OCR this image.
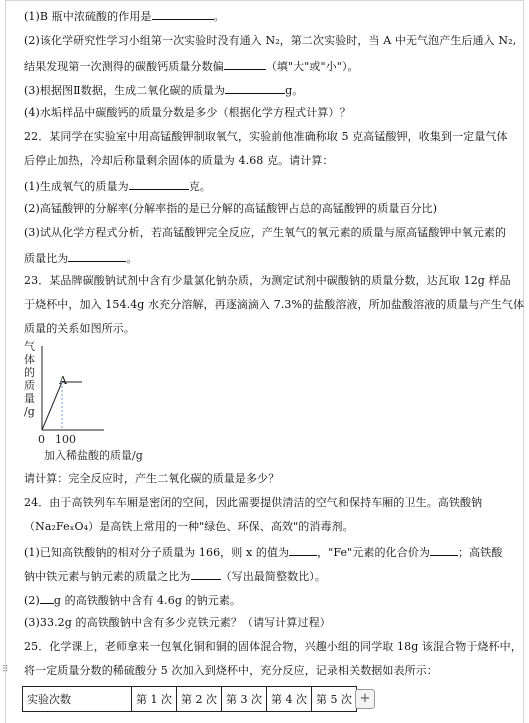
(1)B 瓶中浓硫酸的作用是	。
(2)该化学研究性学习小组第一次实验时没有通入 N₂，第二次实验时，当 A 中无气泡产生后通入 N₂,
结果发现第一次测得的碳酸钙质量分数偏	（填"大"或"小"）。
(3)根据图Ⅱ数据，生成二氧化碳的质量为	g。
(4)水垢样品中碳酸钙的质量分数是多少（根据化学方程式计算）？
22．某同学在实验室中用高锰酸钾制取氧气，实验前他准确称取 5 克高锰酸钾，收集到一定量气体
后停止加热，冷却后称量剩余固体的质量为 4.68 克。请计算：
(1)生成氧气的质量为	克。
(2)高锰酸钾的分解率(分解率指的是已分解的高锰酸钾占总的高锰酸钾的质量百分比)
(3)试从化学方程式分析，若高锰酸钾完全反应，产生氧气的氧元素的质量与原高锰酸钾中氧元素的
质量比为	。
23．某品牌碳酸钠试剂中含有少量氯化钠杂质，为测定试剂中碳酸钠的质量分数，达瓦取 12g 样品
于烧杯中，加入 154.4g 水充分溶解，再逐滴滴入 7.3%的盐酸溶液，所加盐酸溶液的质量与产生气体
质量的关系如图所示。
气体的质量/g
0 100
A
加入稀盐酸的质量/g
请计算：完全反应时，产生二氧化碳的质量是多少？
24．由于高铁列车车厢是密闭的空间，因此需要提供清洁的空气和保持车厢的卫生。高铁酸钠
（Na₂FeₓO₄）是高铁上常用的一种"绿色、环保、高效"的消毒剂。
(1)已知高铁酸钠的相对分子质量为 166，则 x 的值为	，"Fe"元素的化合价为	；高铁酸
钠中铁元素与钠元素的质量之比为	（写出最简整数比）。
(2) g 的高铁酸钠中含有 4.6g 的钠元素。
(3)33.2g 的高铁酸钠中含有多少克铁元素？（请写计算过程）
25．化学课上，老师拿来一包氧化铜和铜的固体混合物，兴趣小组的同学取 18g 该混合物于烧杯中，
将一定质量分数的稀硫酸分 5 次加入到烧杯中，充分反应，记录相关数据如表所示：
⠿
实验次数	第 1 次	第 2 次	第 3 次	第 4 次	第 5 次 +
